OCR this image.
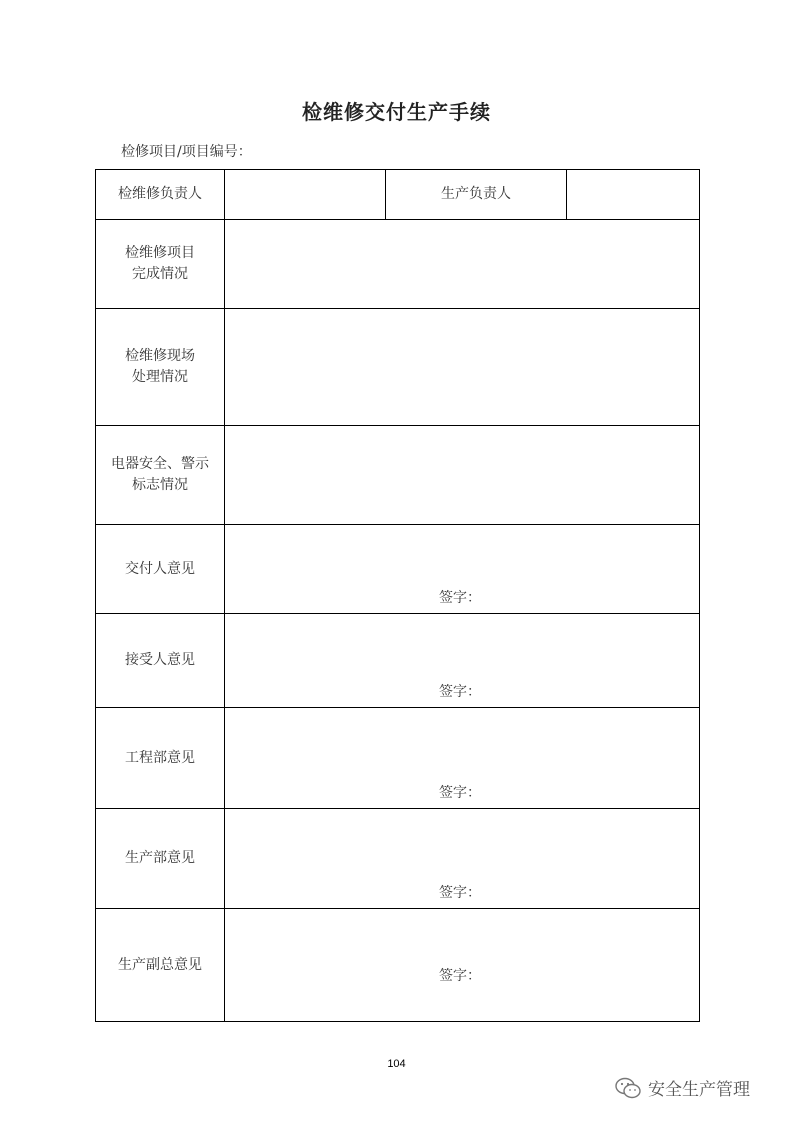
检维修交付生产手续
检修项目/项目编号：
检维修负责人		生产负责人	

检维修项目
完成情况			

检维修现场
处理情况			

电器安全、警示
标志情况			

交付人意见	签字：		

接受人意见	签字：		

工程部意见	签字：		

生产部意见	签字：		

生产副总意见	签字：		
104
安全生产管理
